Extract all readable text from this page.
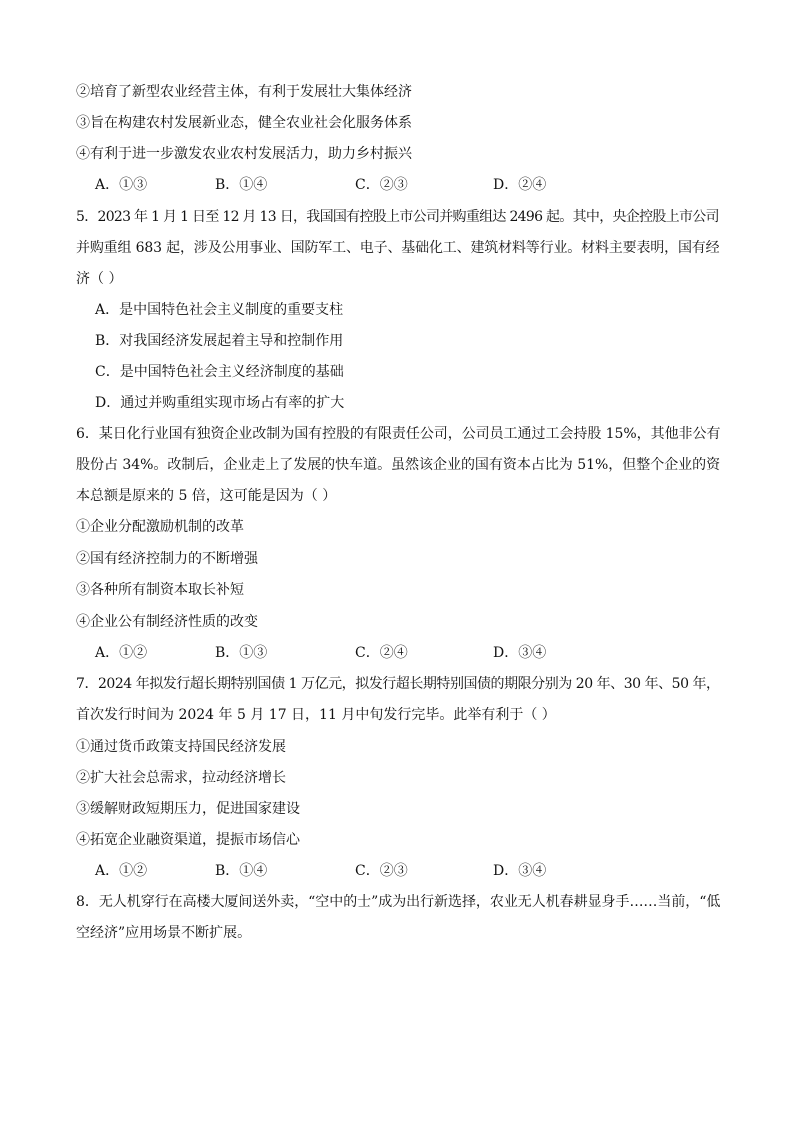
②培育了新型农业经营主体，有利于发展壮大集体经济
③旨在构建农村发展新业态，健全农业社会化服务体系
④有利于进一步激发农业农村发展活力，助力乡村振兴
A．①③	B．①④	C．②③	D．②④
5．2023 年 1 月 1 日至 12 月 13 日，我国国有控股上市公司并购重组达 2496 起。其中，央企控股上市公司
并购重组 683 起，涉及公用事业、国防军工、电子、基础化工、建筑材料等行业。材料主要表明，国有经
济（ ）
A．是中国特色社会主义制度的重要支柱
B．对我国经济发展起着主导和控制作用
C．是中国特色社会主义经济制度的基础
D．通过并购重组实现市场占有率的扩大
6．某日化行业国有独资企业改制为国有控股的有限责任公司，公司员工通过工会持股 15%，其他非公有
股份占 34%。改制后，企业走上了发展的快车道。虽然该企业的国有资本占比为 51%，但整个企业的资
本总额是原来的 5 倍，这可能是因为（ ）
①企业分配激励机制的改革
②国有经济控制力的不断增强
③各种所有制资本取长补短
④企业公有制经济性质的改变
A．①②	B．①③	C．②④	D．③④
7．2024 年拟发行超长期特别国债 1 万亿元，拟发行超长期特别国债的期限分别为 20 年、30 年、50 年，
首次发行时间为 2024 年 5 月 17 日，11 月中旬发行完毕。此举有利于（ ）
①通过货币政策支持国民经济发展
②扩大社会总需求，拉动经济增长
③缓解财政短期压力，促进国家建设
④拓宽企业融资渠道，提振市场信心
A．①②	B．①④	C．②③	D．③④
8．无人机穿行在高楼大厦间送外卖，“空中的士”成为出行新选择，农业无人机春耕显身手……当前，“低
空经济”应用场景不断扩展。
